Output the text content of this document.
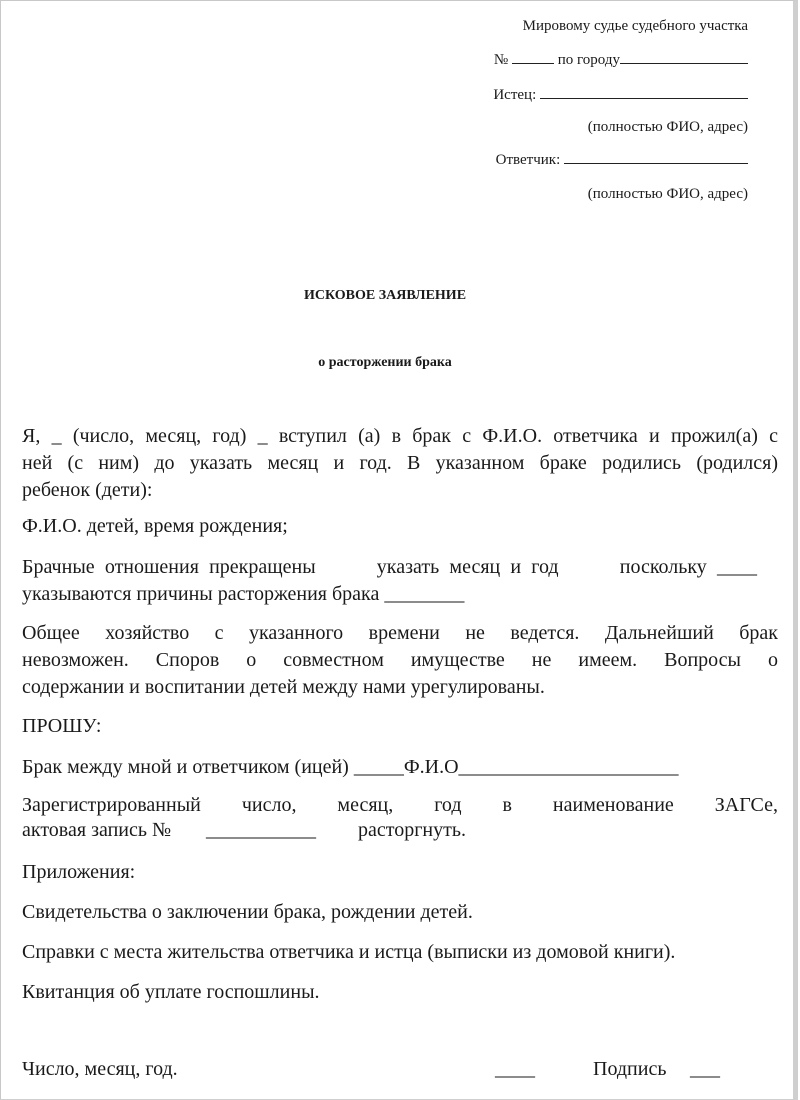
Мировому судье судебного участка
№	по городу
Истец:
(полностью ФИО, адрес)
Ответчик:
(полностью ФИО, адрес)
ИСКОВОЕ ЗАЯВЛЕНИЕ
о расторжении брака
Я, _ (число, месяц, год) _ вступил (а) в брак с Ф.И.О. ответчика и прожил(а) с
ней (с ним) до указать месяц и год. В указанном браке родились (родился)
ребенок (дети):
Ф.И.О. детей, время рождения;
Брачные отношения прекращены      указать месяц и год      поскольку ____
указываются причины расторжения брака ________
Общее хозяйство с указанного времени не ведется. Дальнейший брак
невозможен. Споров о совместном имуществе не имеем. Вопросы о
содержании и воспитании детей между нами урегулированы.
ПРОШУ:
Брак между мной и ответчиком (ицей) _____Ф.И.О______________________
Зарегистрированный число, месяц, год в наименование ЗАГСе,
актовая запись № ___________ расторгнуть.
Приложения:
Свидетельства о заключении брака, рождении детей.
Справки с места жительства ответчика и истца (выписки из домовой книги).
Квитанция об уплате госпошлины.
Число, месяц, год.	____	Подпись ___
